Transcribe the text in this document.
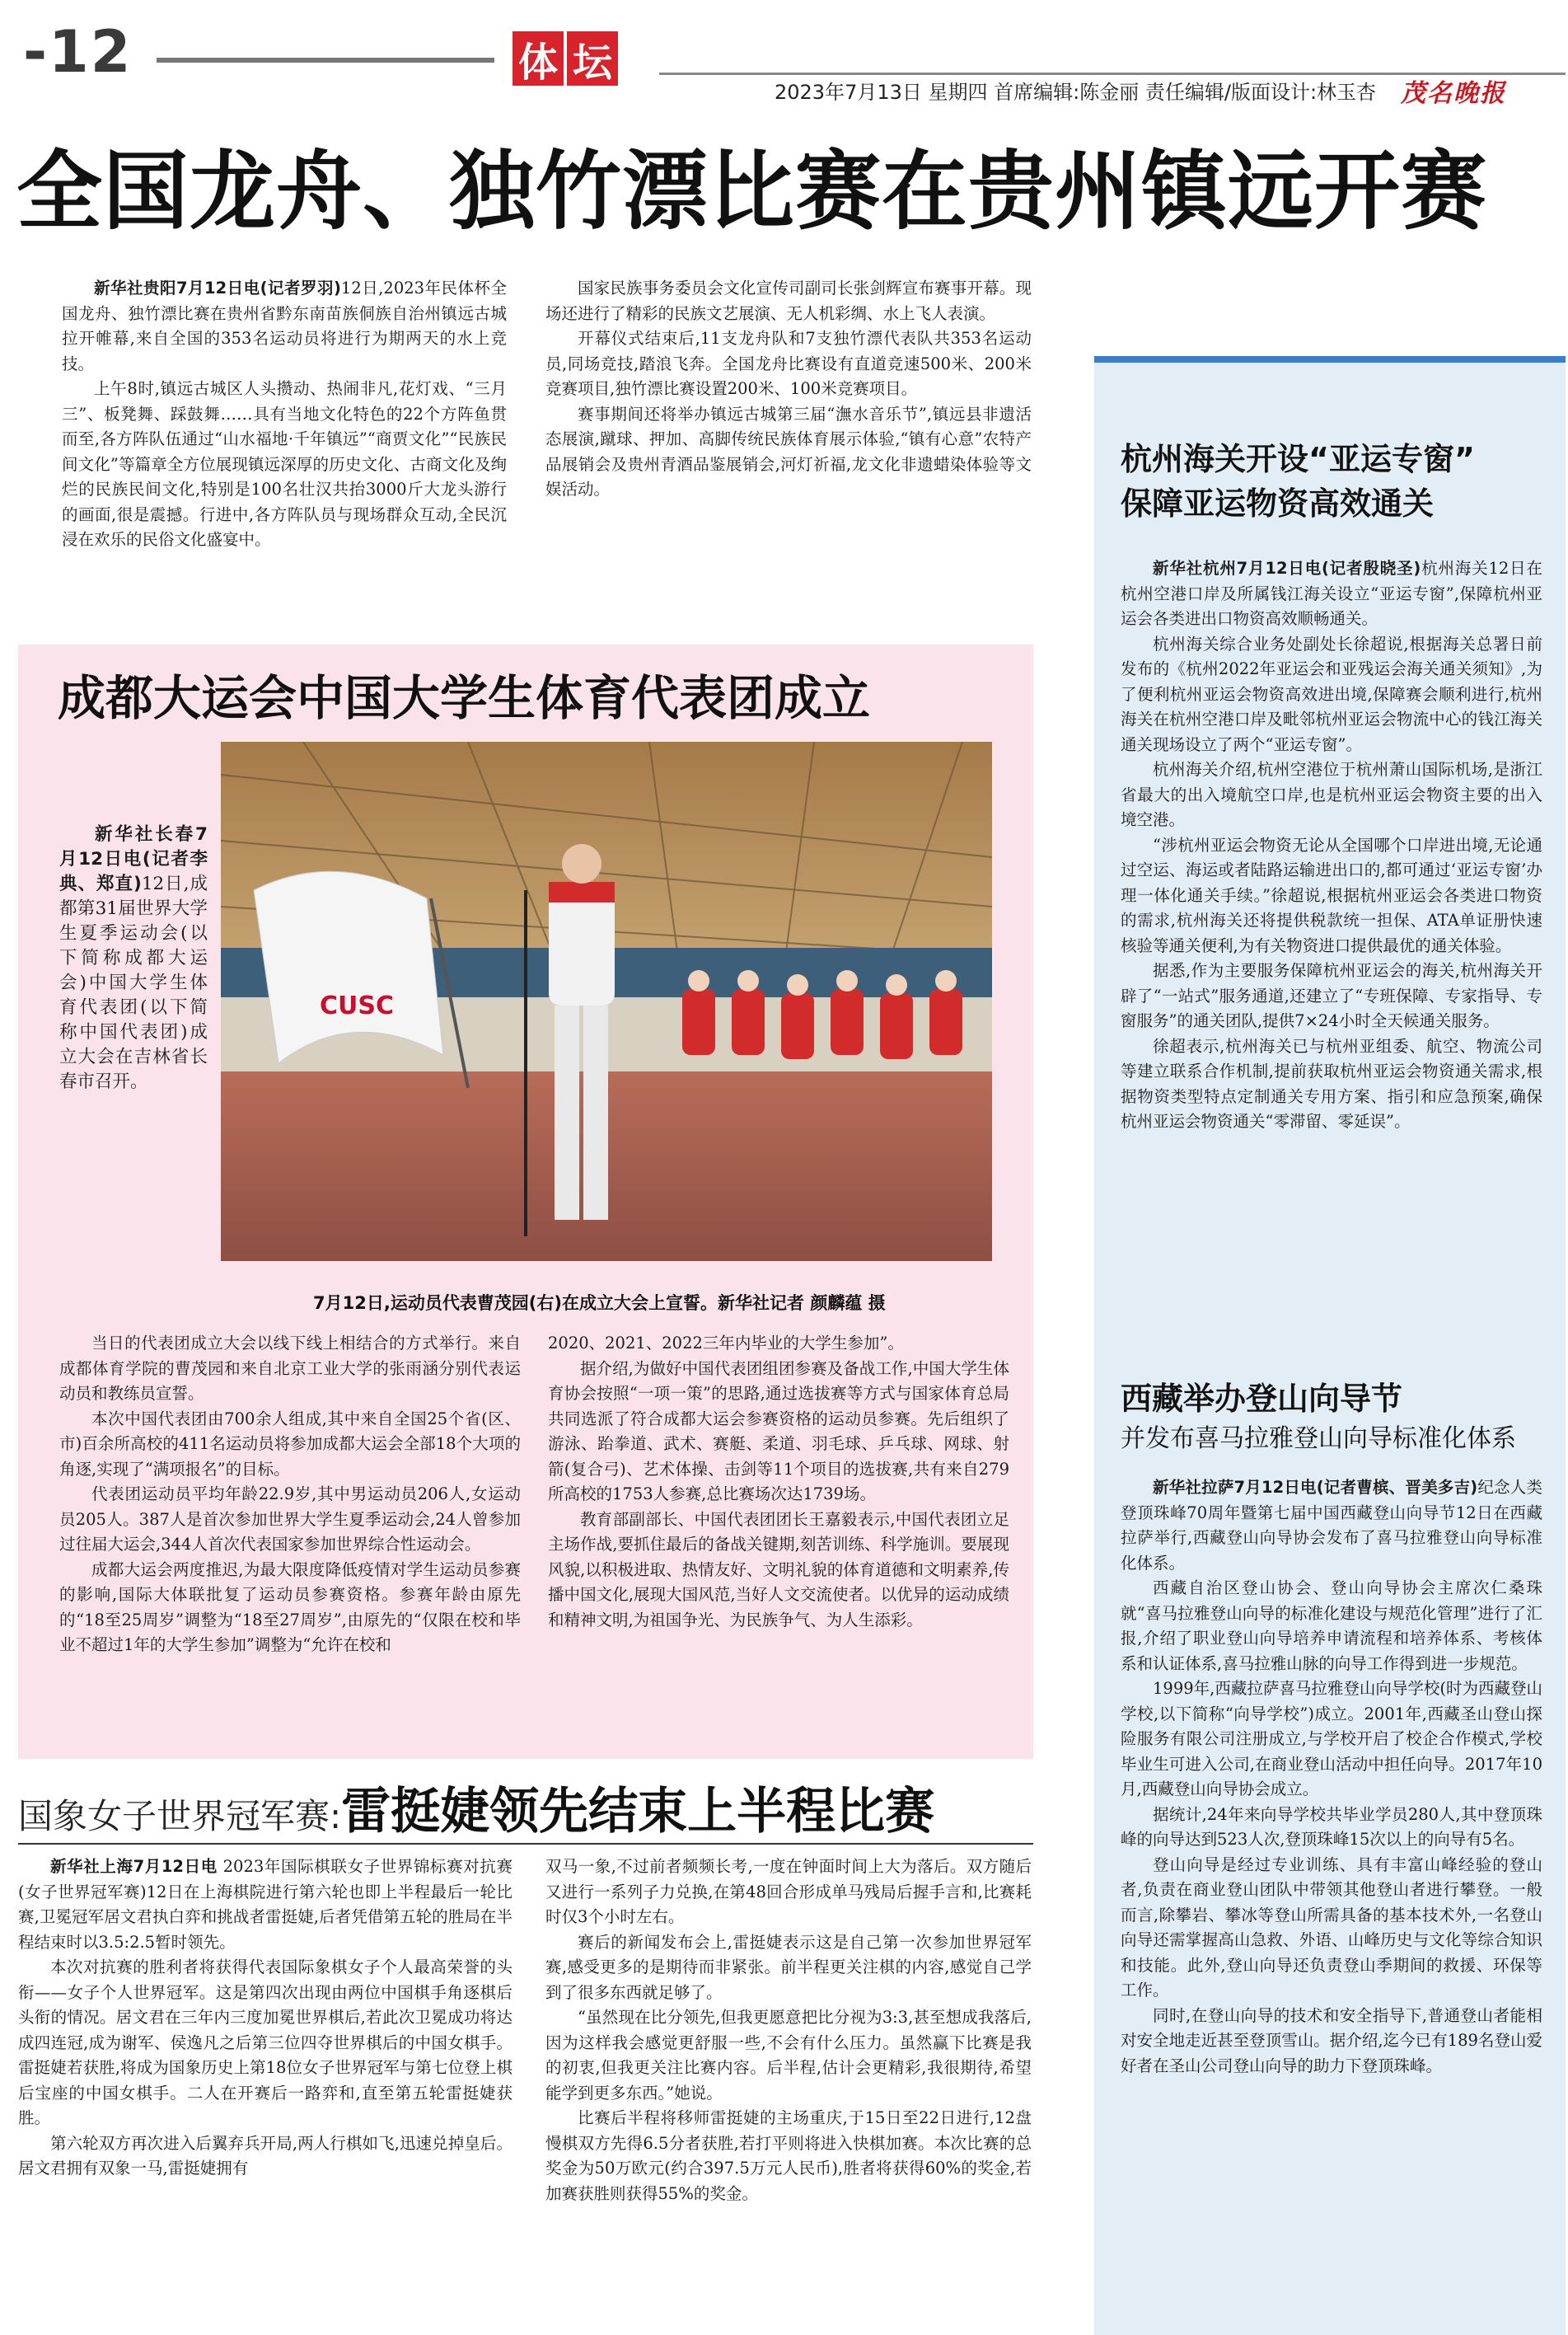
-12	体 坛
2023年7月13日 星期四 首席编辑:陈金丽 责任编辑/版面设计:林玉杏 茂名晚报
全国龙舟、独竹漂比赛在贵州镇远开赛

新华社贵阳7月12日电(记者罗羽)12日,2023年民体杯全国龙舟、独竹漂比赛在贵州省黔东南苗族侗族自治州镇远古城拉开帷幕,来自全国的353名运动员将进行为期两天的水上竞技。

上午8时,镇远古城区人头攒动、热闹非凡,花灯戏、“三月三”、板凳舞、踩鼓舞……具有当地文化特色的22个方阵鱼贯而至,各方阵队伍通过“山水福地·千年镇远”“商贾文化”“民族民间文化”等篇章全方位展现镇远深厚的历史文化、古商文化及绚烂的民族民间文化,特别是100名壮汉共抬3000斤大龙头游行的画面,很是震撼。行进中,各方阵队员与现场群众互动,全民沉浸在欢乐的民俗文化盛宴中。

国家民族事务委员会文化宣传司副司长张剑辉宣布赛事开幕。现场还进行了精彩的民族文艺展演、无人机彩绸、水上飞人表演。

开幕仪式结束后,11支龙舟队和7支独竹漂代表队共353名运动员,同场竞技,踏浪飞奔。全国龙舟比赛设有直道竞速500米、200米竞赛项目,独竹漂比赛设置200米、100米竞赛项目。

赛事期间还将举办镇远古城第三届“潕水音乐节”,镇远县非遗活态展演,蹴球、押加、高脚传统民族体育展示体验,“镇有心意”农特产品展销会及贵州青酒品鉴展销会,河灯祈福,龙文化非遗蜡染体验等文娱活动。

成都大运会中国大学生体育代表团成立

新华社长春7月12日电(记者李典、郑直)12日,成都第31届世界大学生夏季运动会(以下简称成都大运会)中国大学生体育代表团(以下简称中国代表团)成立大会在吉林省长春市召开。

CUSC
7月12日,运动员代表曹茂园(右)在成立大会上宣誓。新华社记者 颜麟蕴 摄

当日的代表团成立大会以线下线上相结合的方式举行。来自成都体育学院的曹茂园和来自北京工业大学的张雨涵分别代表运动员和教练员宣誓。

本次中国代表团由700余人组成,其中来自全国25个省(区、市)百余所高校的411名运动员将参加成都大运会全部18个大项的角逐,实现了“满项报名”的目标。

代表团运动员平均年龄22.9岁,其中男运动员206人,女运动员205人。387人是首次参加世界大学生夏季运动会,24人曾参加过往届大运会,344人首次代表国家参加世界综合性运动会。

成都大运会两度推迟,为最大限度降低疫情对学生运动员参赛的影响,国际大体联批复了运动员参赛资格。参赛年龄由原先的“18至25周岁”调整为“18至27周岁”,由原先的“仅限在校和毕业不超过1年的大学生参加”调整为“允许在校和

2020、2021、2022三年内毕业的大学生参加”。

据介绍,为做好中国代表团组团参赛及备战工作,中国大学生体育协会按照“一项一策”的思路,通过选拔赛等方式与国家体育总局共同选派了符合成都大运会参赛资格的运动员参赛。先后组织了游泳、跆拳道、武术、赛艇、柔道、羽毛球、乒乓球、网球、射箭(复合弓)、艺术体操、击剑等11个项目的选拔赛,共有来自279所高校的1753人参赛,总比赛场次达1739场。

教育部副部长、中国代表团团长王嘉毅表示,中国代表团立足主场作战,要抓住最后的备战关键期,刻苦训练、科学施训。要展现风貌,以积极进取、热情友好、文明礼貌的体育道德和文明素养,传播中国文化,展现大国风范,当好人文交流使者。以优异的运动成绩和精神文明,为祖国争光、为民族争气、为人生添彩。

国象女子世界冠军赛:雷挺婕领先结束上半程比赛

新华社上海7月12日电 2023年国际棋联女子世界锦标赛对抗赛(女子世界冠军赛)12日在上海棋院进行第六轮也即上半程最后一轮比赛,卫冕冠军居文君执白弈和挑战者雷挺婕,后者凭借第五轮的胜局在半程结束时以3.5:2.5暂时领先。

本次对抗赛的胜利者将获得代表国际象棋女子个人最高荣誉的头衔——女子个人世界冠军。这是第四次出现由两位中国棋手角逐棋后头衔的情况。居文君在三年内三度加冕世界棋后,若此次卫冕成功将达成四连冠,成为谢军、侯逸凡之后第三位四夺世界棋后的中国女棋手。雷挺婕若获胜,将成为国象历史上第18位女子世界冠军与第七位登上棋后宝座的中国女棋手。二人在开赛后一路弈和,直至第五轮雷挺婕获胜。

第六轮双方再次进入后翼弃兵开局,两人行棋如飞,迅速兑掉皇后。居文君拥有双象一马,雷挺婕拥有

双马一象,不过前者频频长考,一度在钟面时间上大为落后。双方随后又进行一系列子力兑换,在第48回合形成单马残局后握手言和,比赛耗时仅3个小时左右。

赛后的新闻发布会上,雷挺婕表示这是自己第一次参加世界冠军赛,感受更多的是期待而非紧张。前半程更关注棋的内容,感觉自己学到了很多东西就足够了。

“虽然现在比分领先,但我更愿意把比分视为3:3,甚至想成我落后,因为这样我会感觉更舒服一些,不会有什么压力。虽然赢下比赛是我的初衷,但我更关注比赛内容。后半程,估计会更精彩,我很期待,希望能学到更多东西。”她说。

比赛后半程将移师雷挺婕的主场重庆,于15日至22日进行,12盘慢棋双方先得6.5分者获胜,若打平则将进入快棋加赛。本次比赛的总奖金为50万欧元(约合397.5万元人民币),胜者将获得60%的奖金,若加赛获胜则获得55%的奖金。

杭州海关开设“亚运专窗”
保障亚运物资高效通关

新华社杭州7月12日电(记者殷晓圣)杭州海关12日在杭州空港口岸及所属钱江海关设立“亚运专窗”,保障杭州亚运会各类进出口物资高效顺畅通关。

杭州海关综合业务处副处长徐超说,根据海关总署日前发布的《杭州2022年亚运会和亚残运会海关通关须知》,为了便利杭州亚运会物资高效进出境,保障赛会顺利进行,杭州海关在杭州空港口岸及毗邻杭州亚运会物流中心的钱江海关通关现场设立了两个“亚运专窗”。

杭州海关介绍,杭州空港位于杭州萧山国际机场,是浙江省最大的出入境航空口岸,也是杭州亚运会物资主要的出入境空港。

“涉杭州亚运会物资无论从全国哪个口岸进出境,无论通过空运、海运或者陆路运输进出口的,都可通过‘亚运专窗’办理一体化通关手续。”徐超说,根据杭州亚运会各类进口物资的需求,杭州海关还将提供税款统一担保、ATA单证册快速核验等通关便利,为有关物资进口提供最优的通关体验。

据悉,作为主要服务保障杭州亚运会的海关,杭州海关开辟了“一站式”服务通道,还建立了“专班保障、专家指导、专窗服务”的通关团队,提供7×24小时全天候通关服务。

徐超表示,杭州海关已与杭州亚组委、航空、物流公司等建立联系合作机制,提前获取杭州亚运会物资通关需求,根据物资类型特点定制通关专用方案、指引和应急预案,确保杭州亚运会物资通关“零滞留、零延误”。

西藏举办登山向导节
并发布喜马拉雅登山向导标准化体系

新华社拉萨7月12日电(记者曹槟、晋美多吉)纪念人类登顶珠峰70周年暨第七届中国西藏登山向导节12日在西藏拉萨举行,西藏登山向导协会发布了喜马拉雅登山向导标准化体系。

西藏自治区登山协会、登山向导协会主席次仁桑珠就“喜马拉雅登山向导的标准化建设与规范化管理”进行了汇报,介绍了职业登山向导培养申请流程和培养体系、考核体系和认证体系,喜马拉雅山脉的向导工作得到进一步规范。

1999年,西藏拉萨喜马拉雅登山向导学校(时为西藏登山学校,以下简称“向导学校”)成立。2001年,西藏圣山登山探险服务有限公司注册成立,与学校开启了校企合作模式,学校毕业生可进入公司,在商业登山活动中担任向导。2017年10月,西藏登山向导协会成立。

据统计,24年来向导学校共毕业学员280人,其中登顶珠峰的向导达到523人次,登顶珠峰15次以上的向导有5名。

登山向导是经过专业训练、具有丰富山峰经验的登山者,负责在商业登山团队中带领其他登山者进行攀登。一般而言,除攀岩、攀冰等登山所需具备的基本技术外,一名登山向导还需掌握高山急救、外语、山峰历史与文化等综合知识和技能。此外,登山向导还负责登山季期间的救援、环保等工作。

同时,在登山向导的技术和安全指导下,普通登山者能相对安全地走近甚至登顶雪山。据介绍,迄今已有189名登山爱好者在圣山公司登山向导的助力下登顶珠峰。
